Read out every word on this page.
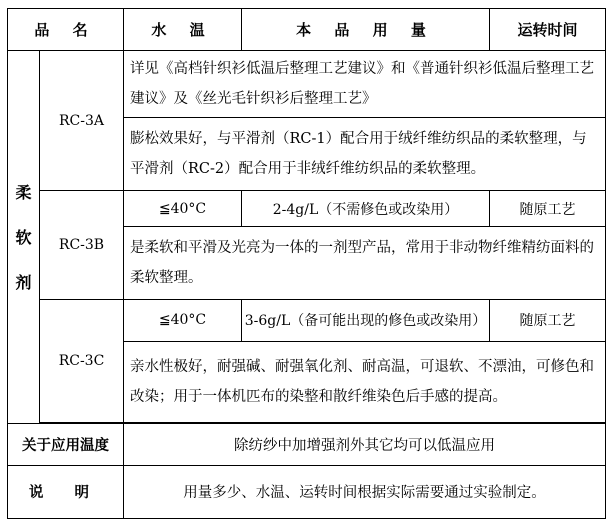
品 名		水 温	本 品 用 量	运转时间

柔
软
剂	RC-3A	详见《高档针织衫低温后整理工艺建议》和《普通针织衫低温后整理工艺建议》及《丝光毛针织衫后整理工艺》		
		膨松效果好，与平滑剂（RC-1）配合用于绒纤维纺织品的柔软整理，与平滑剂（RC-2）配合用于非绒纤维纺织品的柔软整理。		
	RC-3B	≦40°C	2-4g/L（不需修色或改染用）	随原工艺
		是柔软和平滑及光亮为一体的一剂型产品，常用于非动物纤维精纺面料的柔软整理。		
	RC-3C	≦40°C	3-6g/L（备可能出现的修色或改染用）	随原工艺
		亲水性极好，耐强碱、耐强氧化剂、耐高温，可退软、不漂油，可修色和改染；用于一体机匹布的染整和散纤维染色后手感的提高。		

关于应用温度		除纺纱中加增强剂外其它均可以低温应用		
说 明		用量多少、水温、运转时间根据实际需要通过实验制定。		
